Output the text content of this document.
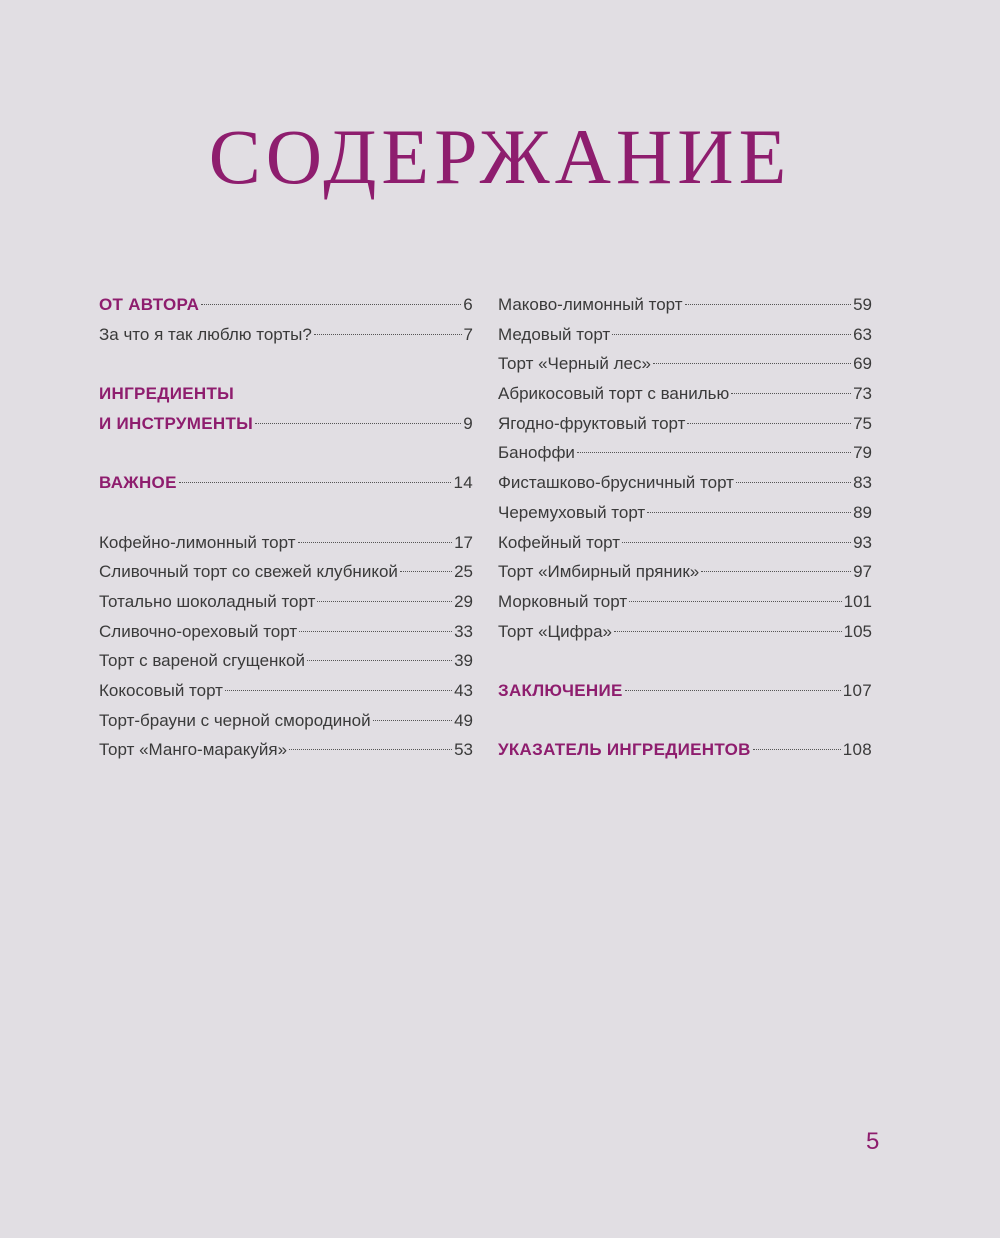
СОДЕРЖАНИЕ
ОТ АВТОРА	6
За что я так люблю торты?	7
ИНГРЕДИЕНТЫ
И ИНСТРУМЕНТЫ	9
ВАЖНОЕ	14
Кофейно-лимонный торт	17
Сливочный торт со свежей клубникой	25
Тотально шоколадный торт	29
Сливочно-ореховый торт	33
Торт с вареной сгущенкой	39
Кокосовый торт	43
Торт-брауни с черной смородиной	49
Торт «Манго-маракуйя»	53
Маково-лимонный торт	59
Медовый торт	63
Торт «Черный лес»	69
Абрикосовый торт с ванилью	73
Ягодно-фруктовый торт	75
Баноффи	79
Фисташково-брусничный торт	83
Черемуховый торт	89
Кофейный торт	93
Торт «Имбирный пряник»	97
Морковный торт	101
Торт «Цифра»	105
ЗАКЛЮЧЕНИЕ	107
УКАЗАТЕЛЬ ИНГРЕДИЕНТОВ	108
5
